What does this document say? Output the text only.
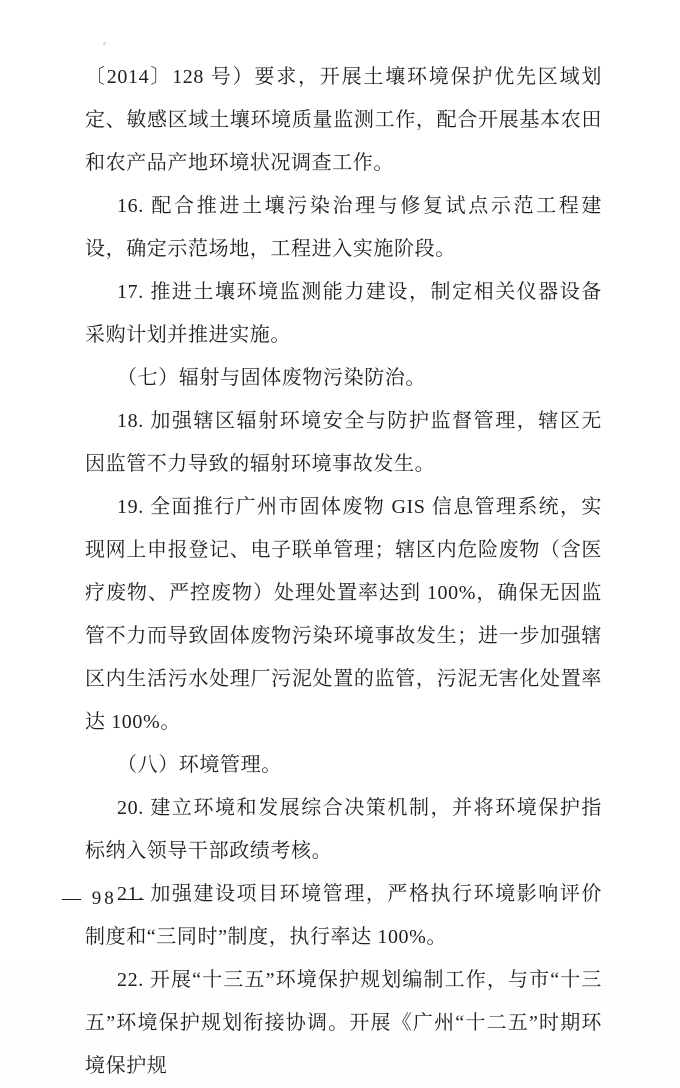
〔2014〕128 号）要求，开展土壤环境保护优先区域划定、敏感区域土壤环境质量监测工作，配合开展基本农田和农产品产地环境状况调查工作。

16. 配合推进土壤污染治理与修复试点示范工程建设，确定示范场地，工程进入实施阶段。

17. 推进土壤环境监测能力建设，制定相关仪器设备采购计划并推进实施。

（七）辐射与固体废物污染防治。

18. 加强辖区辐射环境安全与防护监督管理，辖区无因监管不力导致的辐射环境事故发生。

19. 全面推行广州市固体废物 GIS 信息管理系统，实现网上申报登记、电子联单管理；辖区内危险废物（含医疗废物、严控废物）处理处置率达到 100%，确保无因监管不力而导致固体废物污染环境事故发生；进一步加强辖区内生活污水处理厂污泥处置的监管，污泥无害化处置率达 100%。

（八）环境管理。

20. 建立环境和发展综合决策机制，并将环境保护指标纳入领导干部政绩考核。

21. 加强建设项目环境管理，严格执行环境影响评价制度和“三同时”制度，执行率达 100%。

22. 开展“十三五”环境保护规划编制工作，与市“十三五”环境保护规划衔接协调。开展《广州“十二五”时期环境保护规

— 98 —
